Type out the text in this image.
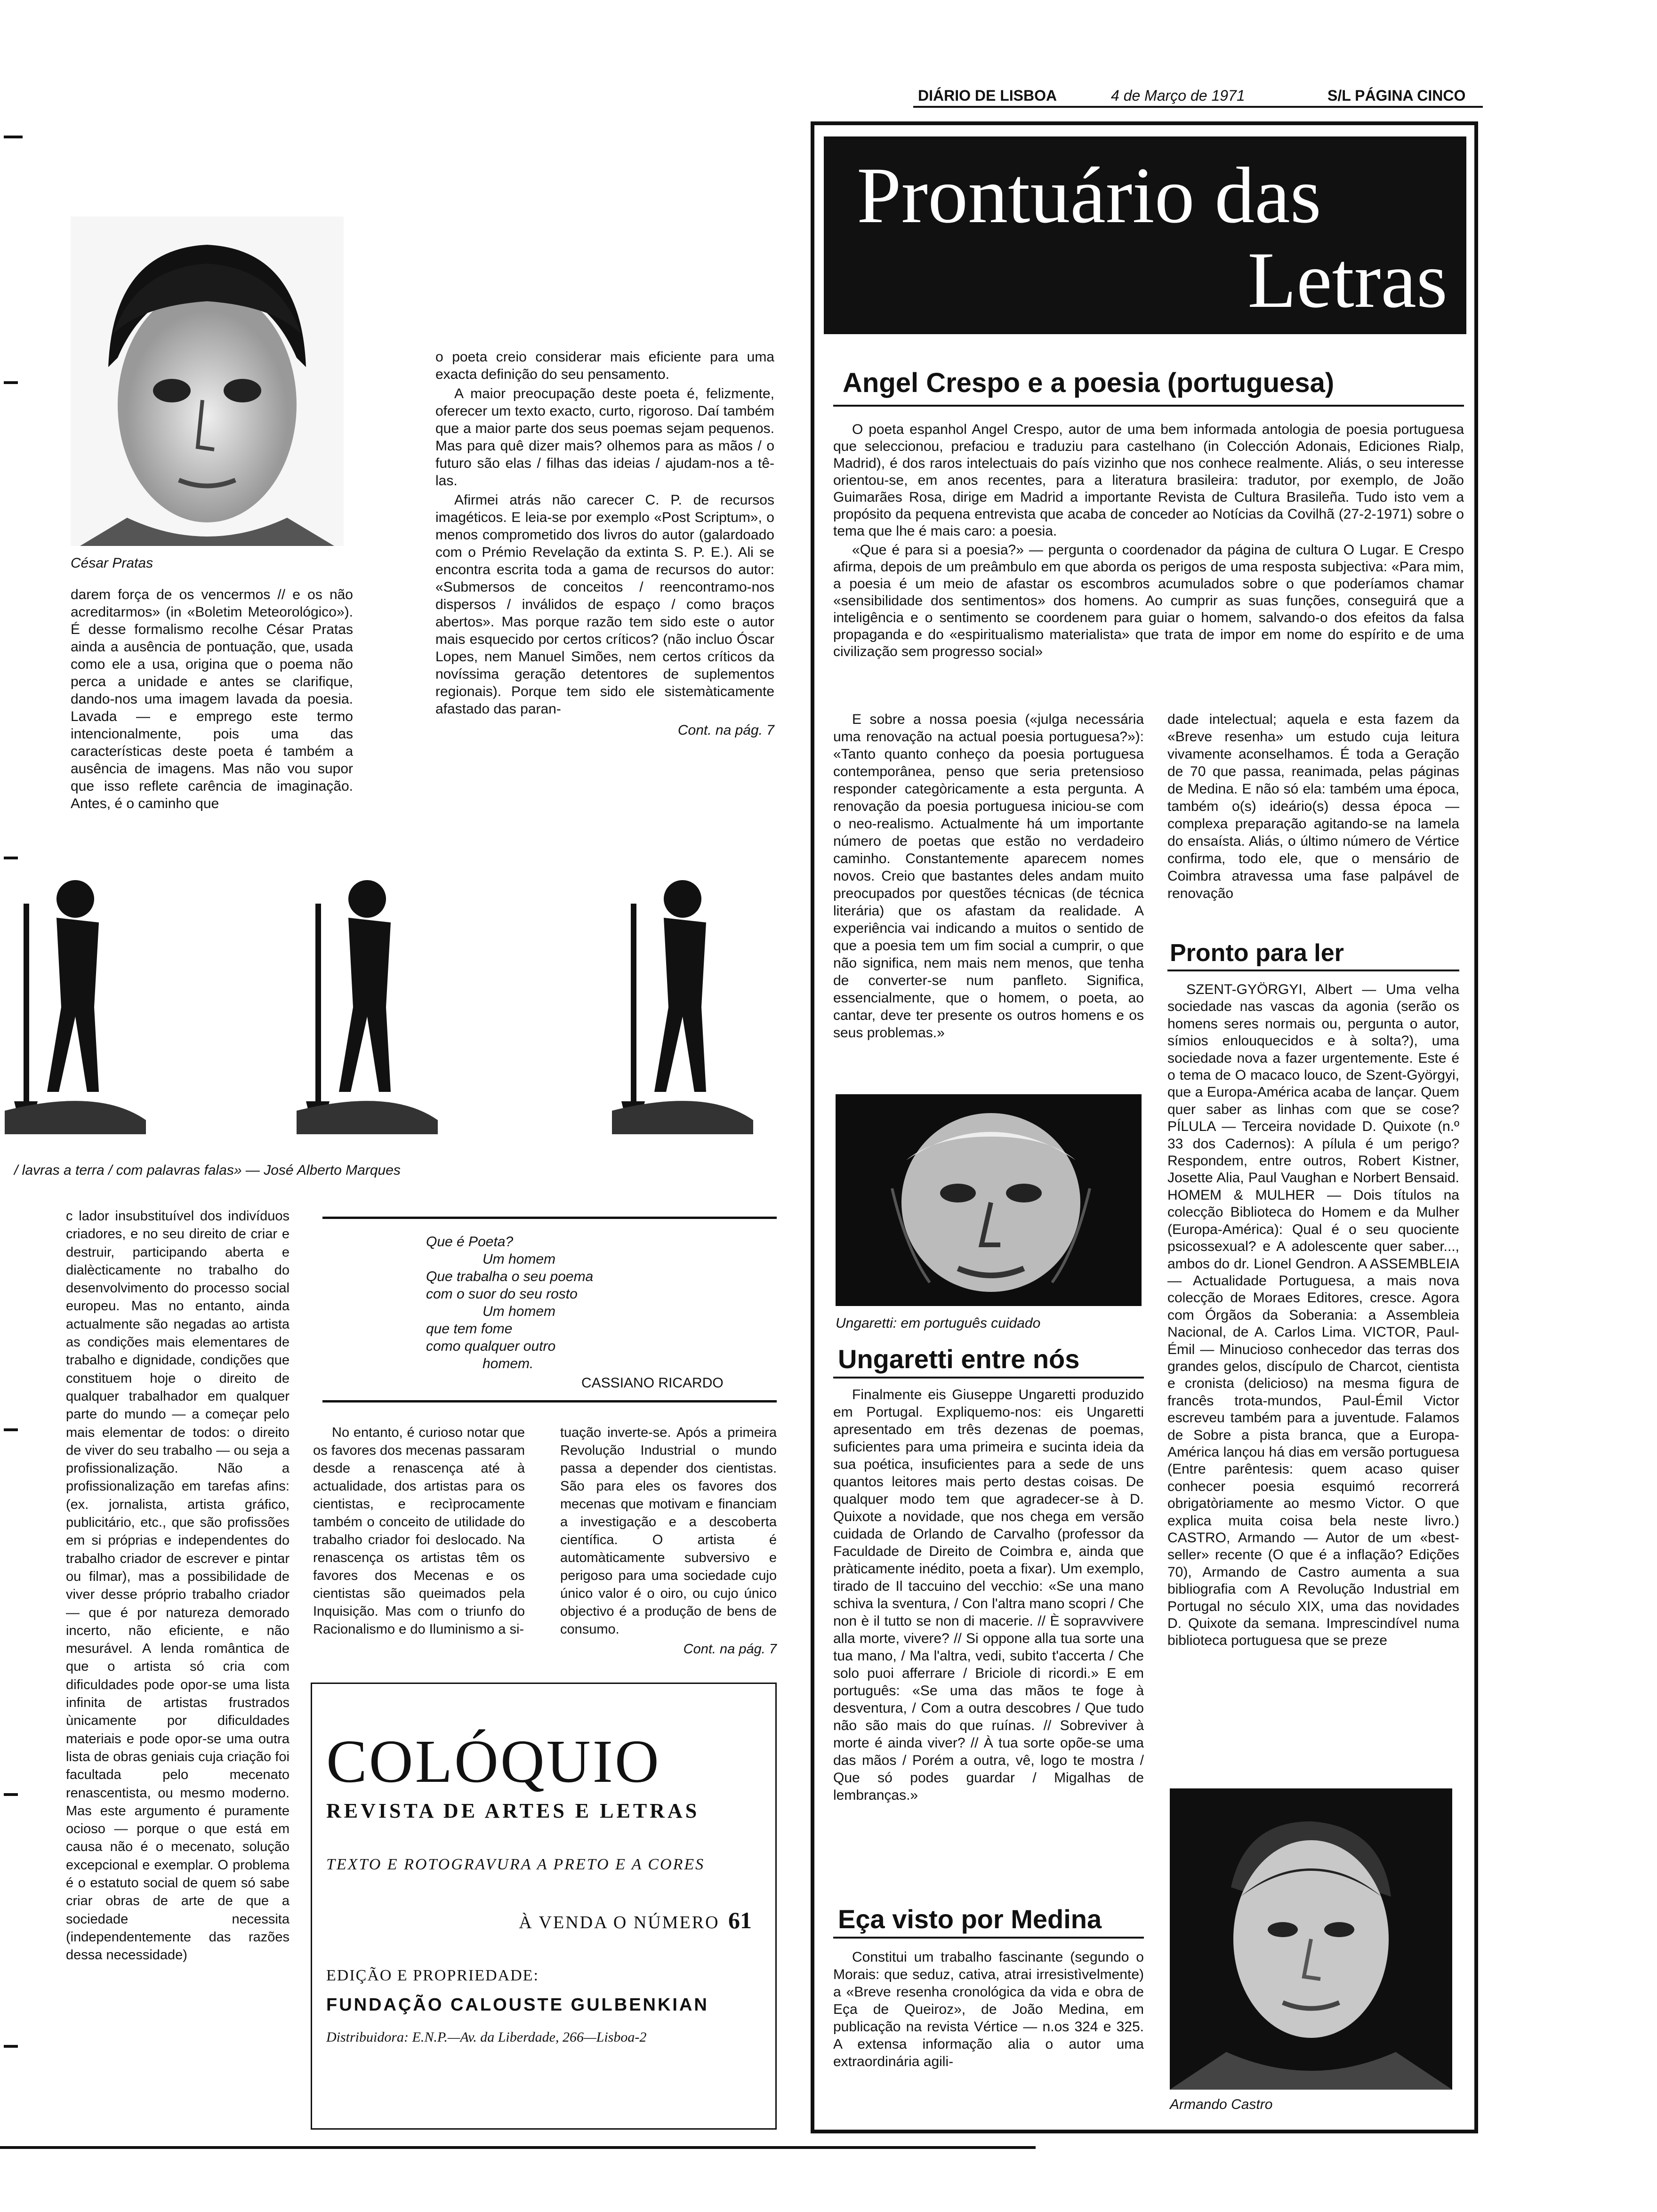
DIÁRIO DE LISBOA	4 de Março de 1971	S/L PÁGINA CINCO
César Pratas

darem força de os vencermos // e os não acreditarmos» (in «Boletim Meteorológico»). É desse formalismo recolhe César Pratas ainda a ausência de pontuação, que, usada como ele a usa, origina que o poema não perca a unidade e antes se clarifique, dando-nos uma imagem lavada da poesia. Lavada — e emprego este termo intencionalmente, pois uma das características deste poeta é também a ausência de imagens. Mas não vou supor que isso reflete carência de imaginação. Antes, é o caminho que

o poeta creio considerar mais eficiente para uma exacta definição do seu pensamento.

A maior preocupação deste poeta é, felizmente, oferecer um texto exacto, curto, rigoroso. Daí também que a maior parte dos seus poemas sejam pequenos. Mas para quê dizer mais? olhemos para as mãos / o futuro são elas / filhas das ideias / ajudam-nos a tê-las.

Afirmei atrás não carecer C. P. de recursos imagéticos. E leia-se por exemplo «Post Scriptum», o menos comprometido dos livros do autor (galardoado com o Prémio Revelação da extinta S. P. E.). Ali se encontra escrita toda a gama de recursos do autor: «Submersos de conceitos / reencontramo-nos dispersos / inválidos de espaço / como braços abertos». Mas porque razão tem sido este o autor mais esquecido por certos críticos? (não incluo Óscar Lopes, nem Manuel Simões, nem certos críticos da novíssima geração detentores de suplementos regionais). Porque tem sido ele sistemàticamente afastado das paran-

Cont. na pág. 7
/ lavras a terra / com palavras falas» — José Alberto Marques

c lador insubstituível dos indivíduos criadores, e no seu direito de criar e destruir, participando aberta e dialècticamente no trabalho do desenvolvimento do processo social europeu. Mas no entanto, ainda actualmente são negadas ao artista as condições mais elementares de trabalho e dignidade, condições que constituem hoje o direito de qualquer trabalhador em qualquer parte do mundo — a começar pelo mais elementar de todos: o direito de viver do seu trabalho — ou seja a profissionalização. Não a profissionalização em tarefas afins: (ex. jornalista, artista gráfico, publicitário, etc., que são profissões em si próprias e independentes do trabalho criador de escrever e pintar ou filmar), mas a possibilidade de viver desse próprio trabalho criador— que é por natureza demorado incerto, não eficiente, e não mesurável. A lenda romântica de que o artista só cria com dificuldades pode opor-se uma lista infinita de artistas frustrados ùnicamente por dificuldades materiais e pode opor-se uma outra lista de obras geniais cuja criação foi facultada pelo mecenato renascentista, ou mesmo moderno. Mas este argumento é puramente ocioso — porque o que está em causa não é o mecenato, solução excepcional e exemplar. O problema é o estatuto social de quem só sabe criar obras de arte de que a sociedade necessita (independentemente das razões dessa necessidade)

Que é Poeta?
Um homem
Que trabalha o seu poema
com o suor do seu rosto
Um homem
que tem fome
como qualquer outro
homem.
CASSIANO RICARDO

No entanto, é curioso notar que os favores dos mecenas passaram desde a renascença até à actualidade, dos artistas para os cientistas, e recìprocamente também o conceito de utilidade do trabalho criador foi deslocado. Na renascença os artistas têm os favores dos Mecenas e os cientistas são queimados pela Inquisição. Mas com o triunfo do Racionalismo e do Iluminismo a si-

tuação inverte-se. Após a primeira Revolução Industrial o mundo passa a depender dos cientistas. São para eles os favores dos mecenas que motivam e financiam a investigação e a descoberta científica. O artista é automàticamente subversivo e perigoso para uma sociedade cujo único valor é o oiro, ou cujo único objectivo é a produção de bens de consumo.

Cont. na pág. 7
COLÓQUIO
REVISTA DE ARTES E LETRAS
TEXTO E ROTOGRAVURA A PRETO E A CORES
À VENDA O NÚMERO 61
EDIÇÃO E PROPRIEDADE:
FUNDAÇÃO CALOUSTE GULBENKIAN
Distribuidora: E.N.P.—Av. da Liberdade, 266—Lisboa-2
Prontuário das
Letras
Angel Crespo e a poesia (portuguesa)

O poeta espanhol Angel Crespo, autor de uma bem informada antologia de poesia portuguesa que seleccionou, prefaciou e traduziu para castelhano (in Colección Adonais, Ediciones Rialp, Madrid), é dos raros intelectuais do país vizinho que nos conhece realmente. Aliás, o seu interesse orientou-se, em anos recentes, para a literatura brasileira: tradutor, por exemplo, de João Guimarães Rosa, dirige em Madrid a importante Revista de Cultura Brasileña. Tudo isto vem a propósito da pequena entrevista que acaba de conceder ao Notícias da Covilhã (27-2-1971) sobre o tema que lhe é mais caro: a poesia.

«Que é para si a poesia?» — pergunta o coordenador da página de cultura O Lugar. E Crespo afirma, depois de um preâmbulo em que aborda os perigos de uma resposta subjectiva: «Para mim, a poesia é um meio de afastar os escombros acumulados sobre o que poderíamos chamar «sensibilidade dos sentimentos» dos homens. Ao cumprir as suas funções, conseguirá que a inteligência e o sentimento se coordenem para guiar o homem, salvando-o dos efeitos da falsa propaganda e do «espiritualismo materialista» que trata de impor em nome do espírito e de uma civilização sem progresso social»

E sobre a nossa poesia («julga necessária uma renovação na actual poesia portuguesa?»): «Tanto quanto conheço da poesia portuguesa contemporânea, penso que seria pretensioso responder categòricamente a esta pergunta. A renovação da poesia portuguesa iniciou-se com o neo-realismo. Actualmente há um importante número de poetas que estão no verdadeiro caminho. Constantemente aparecem nomes novos. Creio que bastantes deles andam muito preocupados por questões técnicas (de técnica literária) que os afastam da realidade. A experiência vai indicando a muitos o sentido de que a poesia tem um fim social a cumprir, o que não significa, nem mais nem menos, que tenha de converter-se num panfleto. Significa, essencialmente, que o homem, o poeta, ao cantar, deve ter presente os outros homens e os seus problemas.»

Ungaretti: em português cuidado
Ungaretti entre nós

Finalmente eis Giuseppe Ungaretti produzido em Portugal. Expliquemo-nos: eis Ungaretti apresentado em três dezenas de poemas, suficientes para uma primeira e sucinta ideia da sua poética, insuficientes para a sede de uns quantos leitores mais perto destas coisas. De qualquer modo tem que agradecer-se à D. Quixote a novidade, que nos chega em versão cuidada de Orlando de Carvalho (professor da Faculdade de Direito de Coimbra e, ainda que pràticamente inédito, poeta a fixar). Um exemplo, tirado de Il taccuino del vecchio: «Se una mano schiva la sventura, / Con l'altra mano scopri / Che non è il tutto se non di macerie. // È sopravvivere alla morte, vivere? // Si oppone alla tua sorte una tua mano, / Ma l'altra, vedi, subito t'accerta / Che solo puoi afferrare / Briciole di ricordi.» E em português: «Se uma das mãos te foge à desventura, / Com a outra descobres / Que tudo não são mais do que ruínas. // Sobreviver à morte é ainda viver? // À tua sorte opõe-se uma das mãos / Porém a outra, vê, logo te mostra / Que só podes guardar / Migalhas de lembranças.»

Eça visto por Medina

Constitui um trabalho fascinante (segundo o Morais: que seduz, cativa, atrai irresistìvelmente) a «Breve resenha cronológica da vida e obra de Eça de Queiroz», de João Medina, em publicação na revista Vértice — n.os 324 e 325. A extensa informação alia o autor uma extraordinária agili-

dade intelectual; aquela e esta fazem da «Breve resenha» um estudo cuja leitura vivamente aconselhamos. É toda a Geração de 70 que passa, reanimada, pelas páginas de Medina. E não só ela: também uma época, também o(s) ideário(s) dessa época — complexa preparação agitando-se na lamela do ensaísta. Aliás, o último número de Vértice confirma, todo ele, que o mensário de Coimbra atravessa uma fase palpável de renovação

Pronto para ler

SZENT-GYÖRGYI, Albert — Uma velha sociedade nas vascas da agonia (serão os homens seres normais ou, pergunta o autor, símios enlouquecidos e à solta?), uma sociedade nova a fazer urgentemente. Este é o tema de O macaco louco, de Szent-Györgyi, que a Europa-América acaba de lançar. Quem quer saber as linhas com que se cose? PÍLULA — Terceira novidade D. Quixote (n.º 33 dos Cadernos): A pílula é um perigo? Respondem, entre outros, Robert Kistner, Josette Alia, Paul Vaughan e Norbert Bensaid. HOMEM & MULHER — Dois títulos na colecção Biblioteca do Homem e da Mulher (Europa-América): Qual é o seu quociente psicossexual? e A adolescente quer saber..., ambos do dr. Lionel Gendron. A ASSEMBLEIA — Actualidade Portuguesa, a mais nova colecção de Moraes Editores, cresce. Agora com Órgãos da Soberania: a Assembleia Nacional, de A. Carlos Lima. VICTOR, Paul-Émil — Minucioso conhecedor das terras dos grandes gelos, discípulo de Charcot, cientista e cronista (delicioso) na mesma figura de francês trota-mundos, Paul-Émil Victor escreveu também para a juventude. Falamos de Sobre a pista branca, que a Europa-América lançou há dias em versão portuguesa (Entre parêntesis: quem acaso quiser conhecer poesia esquimó recorrerá obrigatòriamente ao mesmo Victor. O que explica muita coisa bela neste livro.) CASTRO, Armando — Autor de um «best-seller» recente (O que é a inflação? Edições 70), Armando de Castro aumenta a sua bibliografia com A Revolução Industrial em Portugal no século XIX, uma das novidades D. Quixote da semana. Imprescindível numa biblioteca portuguesa que se preze

Armando Castro
